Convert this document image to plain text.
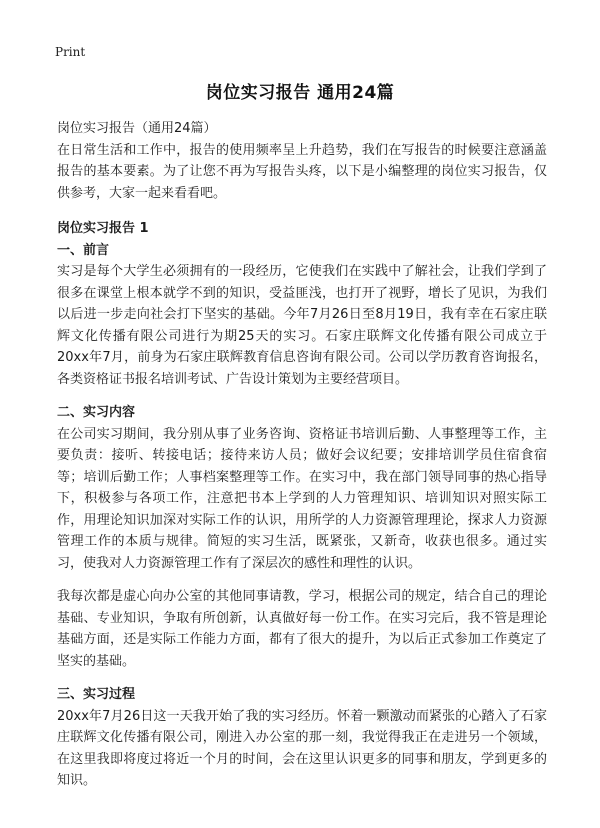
Print
岗位实习报告 通用24篇

岗位实习报告（通用24篇）

在日常生活和工作中，报告的使用频率呈上升趋势，我们在写报告的时候要注意涵盖报告的基本要素。为了让您不再为写报告头疼，以下是小编整理的岗位实习报告，仅供参考，大家一起来看看吧。

岗位实习报告 1

一、前言

实习是每个大学生必须拥有的一段经历，它使我们在实践中了解社会，让我们学到了很多在课堂上根本就学不到的知识，受益匪浅，也打开了视野，增长了见识，为我们以后进一步走向社会打下坚实的基础。今年7月26日至8月19日，我有幸在石家庄联辉文化传播有限公司进行为期25天的实习。石家庄联辉文化传播有限公司成立于20xx年7月，前身为石家庄联辉教育信息咨询有限公司。公司以学历教育咨询报名，各类资格证书报名培训考试、广告设计策划为主要经营项目。

二、实习内容

在公司实习期间，我分别从事了业务咨询、资格证书培训后勤、人事整理等工作，主要负责：接听、转接电话；接待来访人员；做好会议纪要；安排培训学员住宿食宿等；培训后勤工作；人事档案整理等工作。在实习中，我在部门领导同事的热心指导下，积极参与各项工作，注意把书本上学到的人力管理知识、培训知识对照实际工作，用理论知识加深对实际工作的认识，用所学的人力资源管理理论，探求人力资源管理工作的本质与规律。简短的实习生活，既紧张，又新奇，收获也很多。通过实习，使我对人力资源管理工作有了深层次的感性和理性的认识。

我每次都是虚心向办公室的其他同事请教，学习，根据公司的规定，结合自己的理论基础、专业知识，争取有所创新，认真做好每一份工作。在实习完后，我不管是理论基础方面，还是实际工作能力方面，都有了很大的提升，为以后正式参加工作奠定了坚实的基础。

三、实习过程

20xx年7月26日这一天我开始了我的实习经历。怀着一颗激动而紧张的心踏入了石家庄联辉文化传播有限公司，刚进入办公室的那一刻，我觉得我正在走进另一个领域，在这里我即将度过将近一个月的时间，会在这里认识更多的同事和朋友，学到更多的知识。
